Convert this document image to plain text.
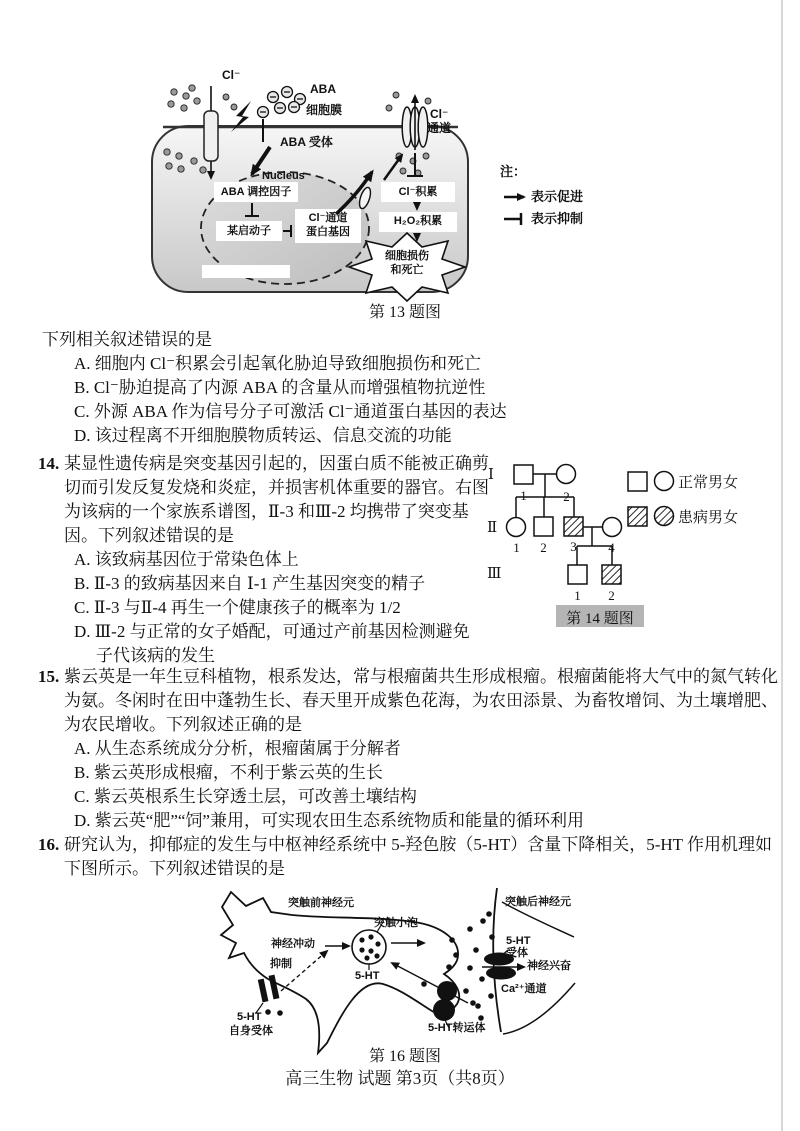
Cl⁻
ABA
细胞膜
ABA 受体
Cl⁻
通道
Nucleus
ABA 调控因子
某启动子
Cl⁻通道
蛋白基因
Cl⁻积累
H₂O₂积累
细胞损伤
和死亡
注：
表示促进
表示抑制
第 13 题图
下列相关叙述错误的是
A. 细胞内 Cl⁻积累会引起氧化胁迫导致细胞损伤和死亡
B. Cl⁻胁迫提高了内源 ABA 的含量从而增强植物抗逆性
C. 外源 ABA 作为信号分子可激活 Cl⁻通道蛋白基因的表达
D. 该过程离不开细胞膜物质转运、信息交流的功能
14. 某显性遗传病是突变基因引起的，因蛋白质不能被正确剪
切而引发反复发烧和炎症，并损害机体重要的器官。右图
为该病的一个家族系谱图，Ⅱ-3 和Ⅲ-2 均携带了突变基
因。下列叙述错误的是
A. 该致病基因位于常染色体上
B. Ⅱ-3 的致病基因来自 Ⅰ-1 产生基因突变的精子
C. Ⅱ-3 与Ⅱ-4 再生一个健康孩子的概率为 1/2
D. Ⅲ-2 与正常的女子婚配，可通过产前基因检测避免
子代该病的发生
Ⅰ
Ⅱ
Ⅲ
1	2
1	2	3	4
1	2
正常男女
患病男女
第 14 题图
15. 紫云英是一年生豆科植物，根系发达，常与根瘤菌共生形成根瘤。根瘤菌能将大气中的氮气转化
为氨。冬闲时在田中蓬勃生长、春天里开成紫色花海，为农田添景、为畜牧增饲、为土壤增肥、
为农民增收。下列叙述正确的是
A. 从生态系统成分分析，根瘤菌属于分解者
B. 紫云英形成根瘤，不利于紫云英的生长
C. 紫云英根系生长穿透土层，可改善土壤结构
D. 紫云英“肥”“饲”兼用，可实现农田生态系统物质和能量的循环利用
16. 研究认为，抑郁症的发生与中枢神经系统中 5-羟色胺（5-HT）含量下降相关，5-HT 作用机理如
下图所示。下列叙述错误的是
突触前神经元
突触小泡
突触后神经元
神经冲动
抑制
5-HT
5-HT
受体
神经兴奋
Ca²⁺通道
5-HT
自身受体	5-HT转运体
第 16 题图
高三生物 试题 第3页（共8页）
